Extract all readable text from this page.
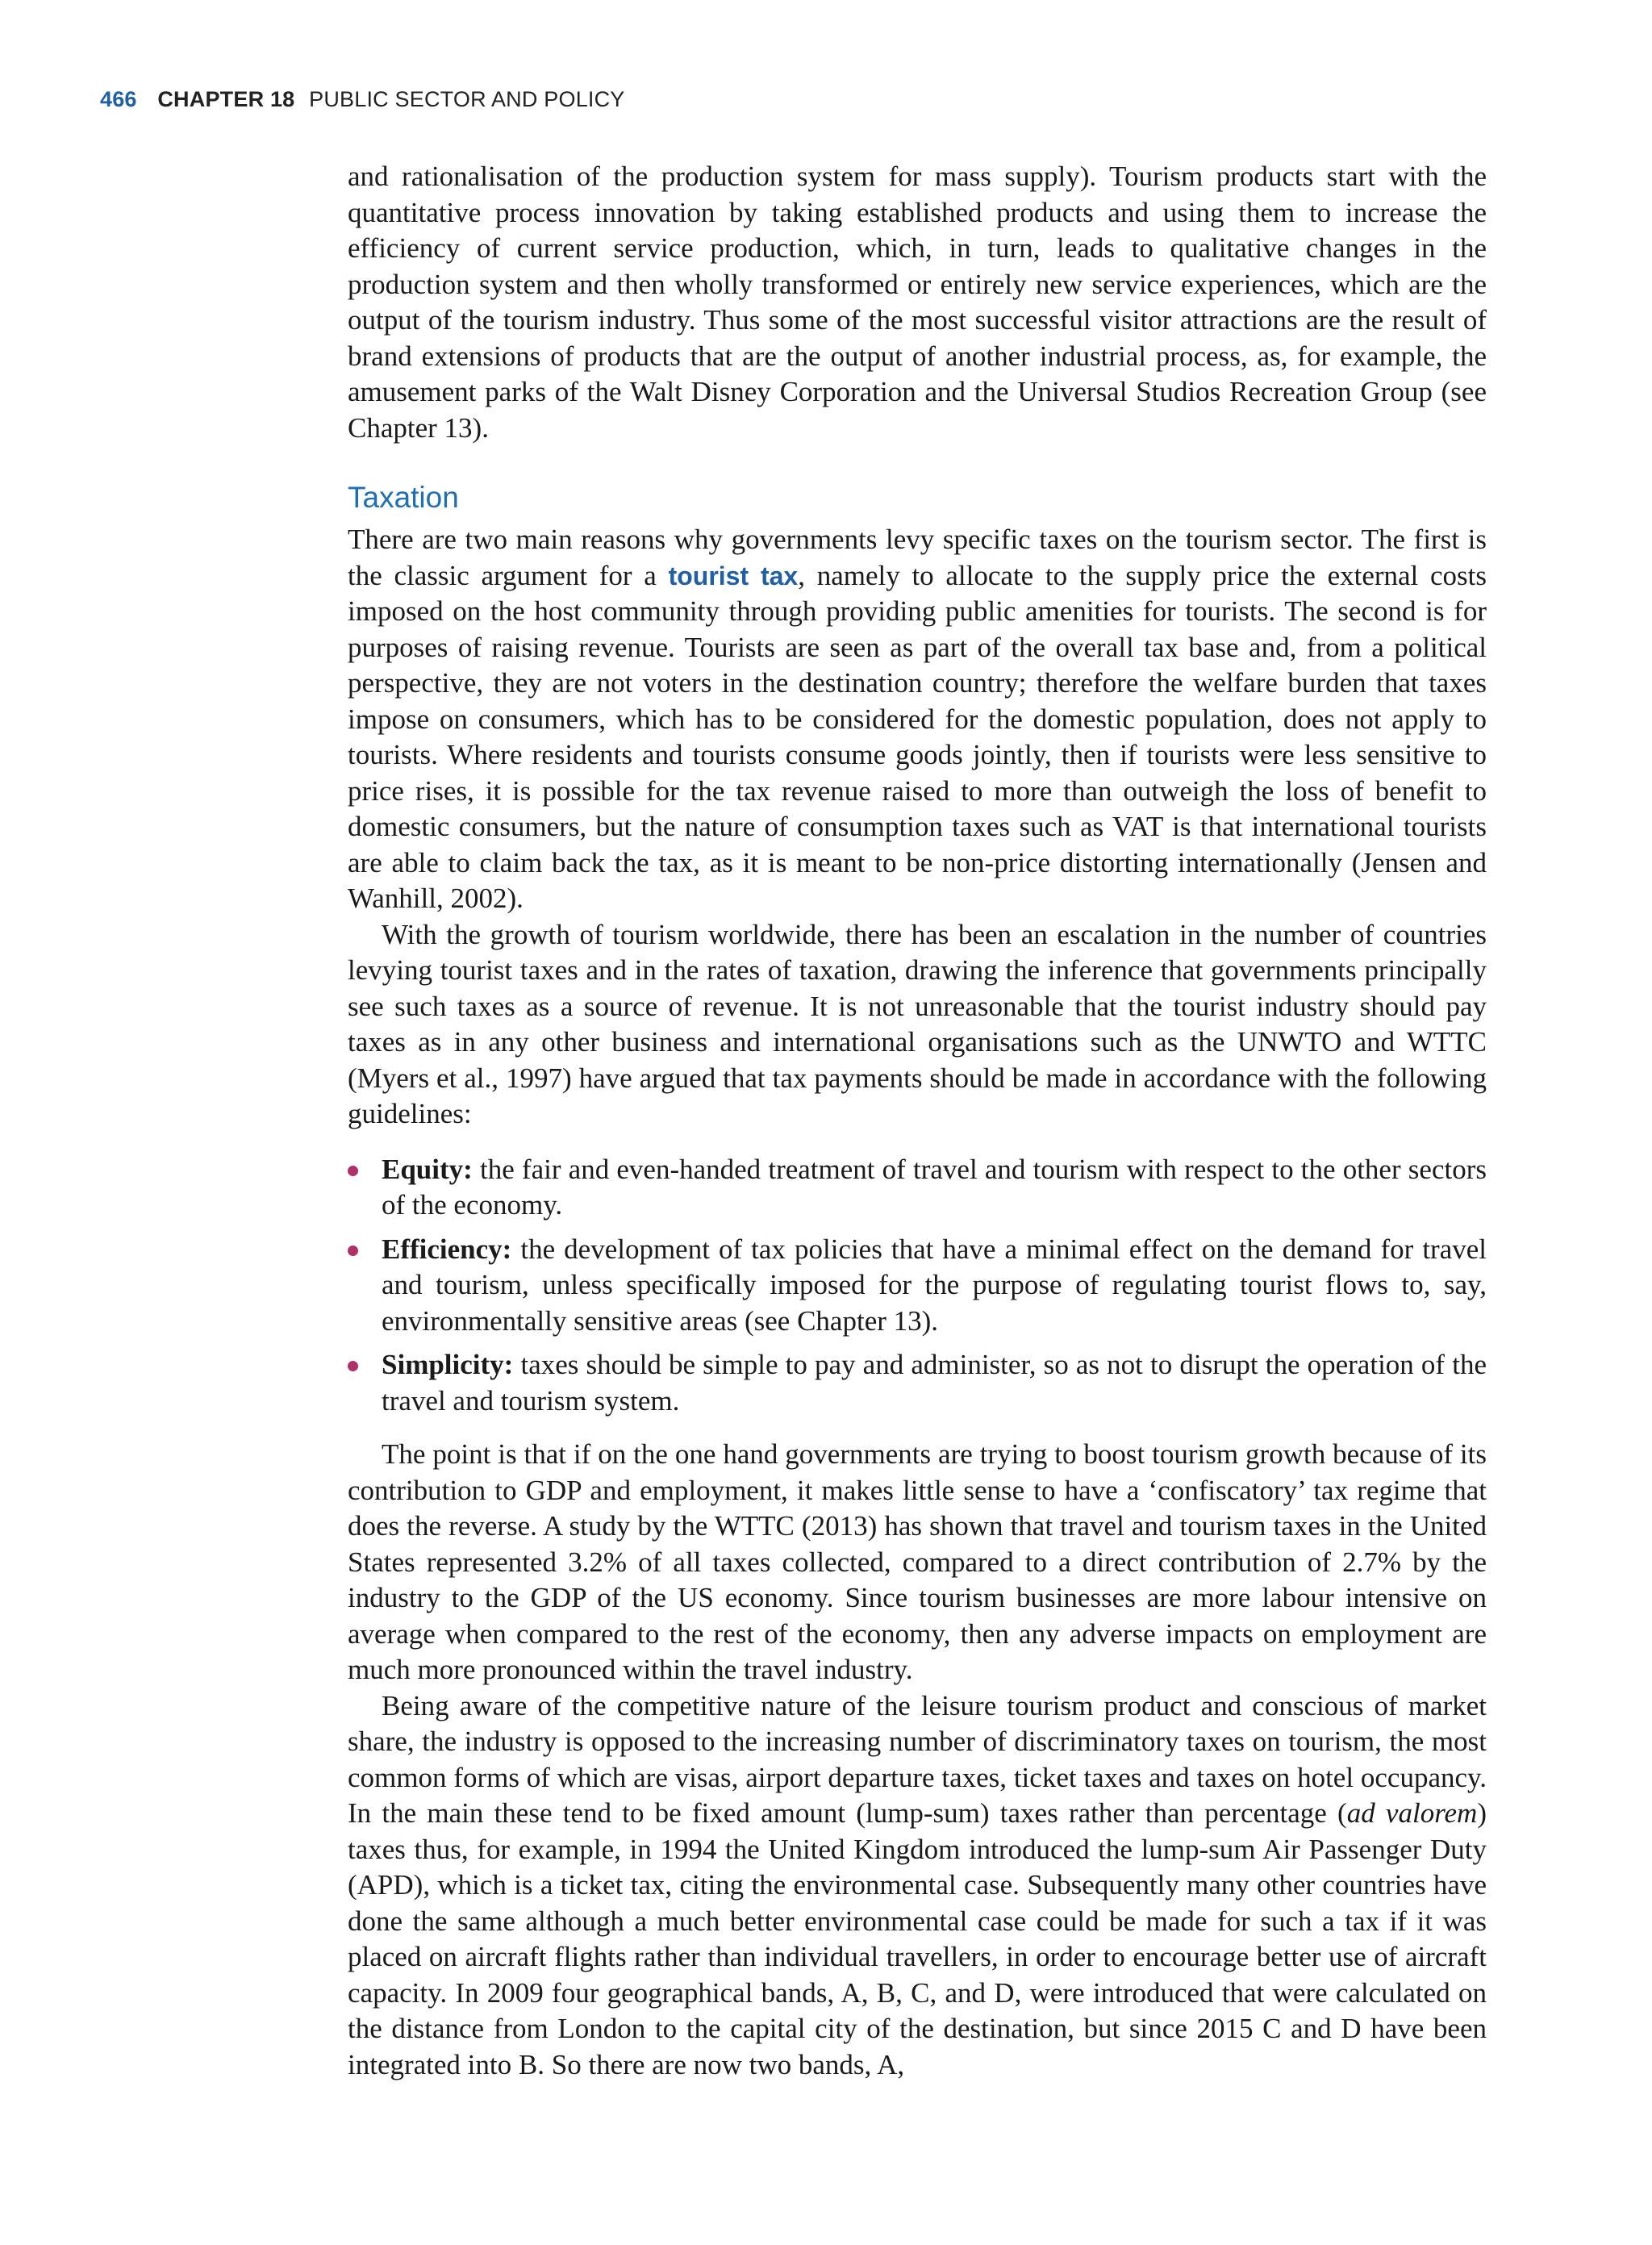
466 CHAPTER 18 PUBLIC SECTOR AND POLICY

and rationalisation of the production system for mass supply). Tourism products start with the quantitative process innovation by taking established products and using them to increase the efficiency of current service production, which, in turn, leads to qualitative changes in the production system and then wholly transformed or entirely new service experiences, which are the output of the tourism industry. Thus some of the most successful visitor attractions are the result of brand extensions of products that are the output of another industrial process, as, for example, the amusement parks of the Walt Disney Corporation and the Universal Studios Recreation Group (see Chapter 13).

Taxation

There are two main reasons why governments levy specific taxes on the tourism sector. The first is the classic argument for a tourist tax, namely to allocate to the supply price the external costs imposed on the host community through providing public amenities for tourists. The second is for purposes of raising revenue. Tourists are seen as part of the overall tax base and, from a political perspective, they are not voters in the destination country; therefore the welfare burden that taxes impose on consumers, which has to be considered for the domestic population, does not apply to tourists. Where residents and tourists consume goods jointly, then if tourists were less sensitive to price rises, it is possible for the tax revenue raised to more than outweigh the loss of benefit to domestic consumers, but the nature of consumption taxes such as VAT is that international tourists are able to claim back the tax, as it is meant to be non-price distorting internationally (Jensen and Wanhill, 2002).

With the growth of tourism worldwide, there has been an escalation in the number of countries levying tourist taxes and in the rates of taxation, drawing the inference that governments principally see such taxes as a source of revenue. It is not unreasonable that the tourist industry should pay taxes as in any other business and international organisations such as the UNWTO and WTTC (Myers et al., 1997) have argued that tax payments should be made in accordance with the following guidelines:

Equity: the fair and even-handed treatment of travel and tourism with respect to the other sectors of the economy.
Efficiency: the development of tax policies that have a minimal effect on the demand for travel and tourism, unless specifically imposed for the purpose of regulating tourist flows to, say, environmentally sensitive areas (see Chapter 13).
Simplicity: taxes should be simple to pay and administer, so as not to disrupt the operation of the travel and tourism system.

The point is that if on the one hand governments are trying to boost tourism growth because of its contribution to GDP and employment, it makes little sense to have a ‘confiscatory’ tax regime that does the reverse. A study by the WTTC (2013) has shown that travel and tourism taxes in the United States represented 3.2% of all taxes collected, compared to a direct contribution of 2.7% by the industry to the GDP of the US economy. Since tourism businesses are more labour intensive on average when compared to the rest of the economy, then any adverse impacts on employment are much more pronounced within the travel industry.

Being aware of the competitive nature of the leisure tourism product and conscious of market share, the industry is opposed to the increasing number of discriminatory taxes on tourism, the most common forms of which are visas, airport departure taxes, ticket taxes and taxes on hotel occupancy. In the main these tend to be fixed amount (lump-sum) taxes rather than percentage (ad valorem) taxes thus, for example, in 1994 the United Kingdom introduced the lump-sum Air Passenger Duty (APD), which is a ticket tax, citing the environmental case. Subsequently many other countries have done the same although a much better environmental case could be made for such a tax if it was placed on aircraft flights rather than individual travellers, in order to encourage better use of aircraft capacity. In 2009 four geographical bands, A, B, C, and D, were introduced that were calculated on the distance from London to the capital city of the destination, but since 2015 C and D have been integrated into B. So there are now two bands, A,
